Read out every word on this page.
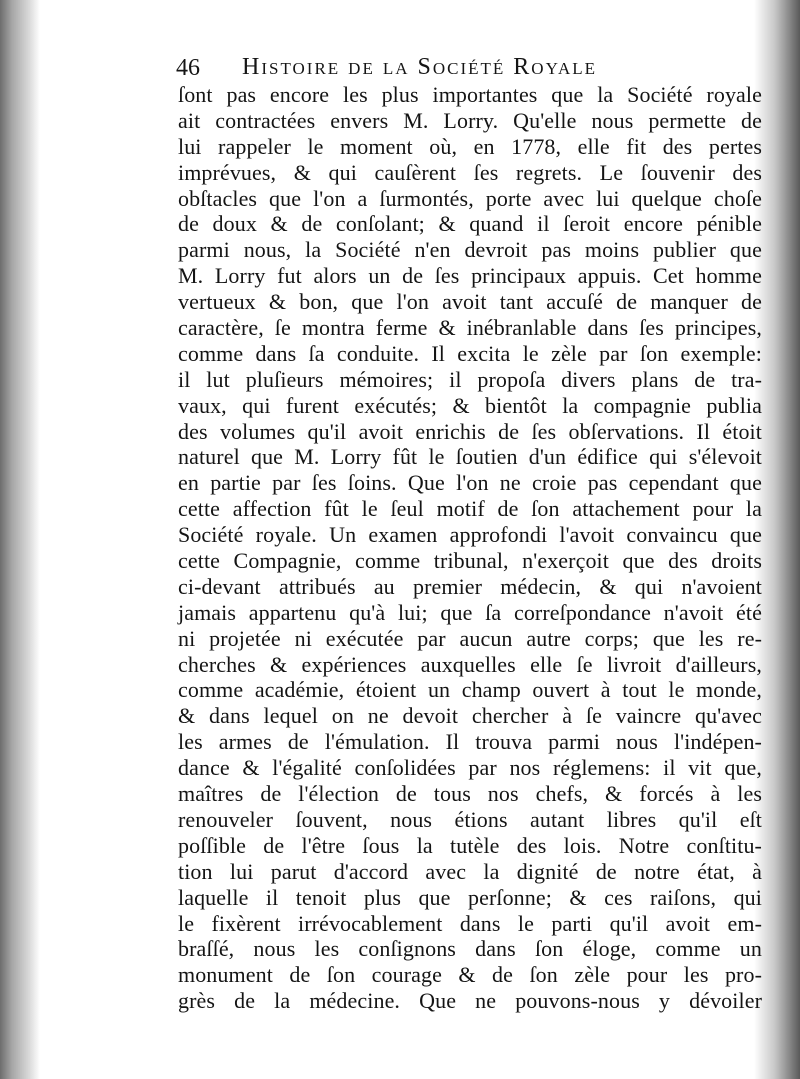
46 Histoire de la Société Royale
ſont pas encore les plus importantes que la Société royale
ait contractées envers M. Lorry. Qu'elle nous permette de
lui rappeler le moment où, en 1778, elle fit des pertes
imprévues, & qui cauſèrent ſes regrets. Le ſouvenir des
obſtacles que l'on a ſurmontés, porte avec lui quelque choſe
de doux & de conſolant; & quand il ſeroit encore pénible
parmi nous, la Société n'en devroit pas moins publier que
M. Lorry fut alors un de ſes principaux appuis. Cet homme
vertueux & bon, que l'on avoit tant accuſé de manquer de
caractère, ſe montra ferme & inébranlable dans ſes principes,
comme dans ſa conduite. Il excita le zèle par ſon exemple:
il lut pluſieurs mémoires; il propoſa divers plans de tra-
vaux, qui furent exécutés; & bientôt la compagnie publia
des volumes qu'il avoit enrichis de ſes obſervations. Il étoit
naturel que M. Lorry fût le ſoutien d'un édifice qui s'élevoit
en partie par ſes ſoins. Que l'on ne croie pas cependant que
cette affection fût le ſeul motif de ſon attachement pour la
Société royale. Un examen approfondi l'avoit convaincu que
cette Compagnie, comme tribunal, n'exerçoit que des droits
ci-devant attribués au premier médecin, & qui n'avoient
jamais appartenu qu'à lui; que ſa correſpondance n'avoit été
ni projetée ni exécutée par aucun autre corps; que les re-
cherches & expériences auxquelles elle ſe livroit d'ailleurs,
comme académie, étoient un champ ouvert à tout le monde,
& dans lequel on ne devoit chercher à ſe vaincre qu'avec
les armes de l'émulation. Il trouva parmi nous l'indépen-
dance & l'égalité conſolidées par nos réglemens: il vit que,
maîtres de l'élection de tous nos chefs, & forcés à les
renouveler ſouvent, nous étions autant libres qu'il eſt
poſſible de l'être ſous la tutèle des lois. Notre conſtitu-
tion lui parut d'accord avec la dignité de notre état, à
laquelle il tenoit plus que perſonne; & ces raiſons, qui
le fixèrent irrévocablement dans le parti qu'il avoit em-
braſſé, nous les conſignons dans ſon éloge, comme un
monument de ſon courage & de ſon zèle pour les pro-
grès de la médecine. Que ne pouvons-nous y dévoiler
